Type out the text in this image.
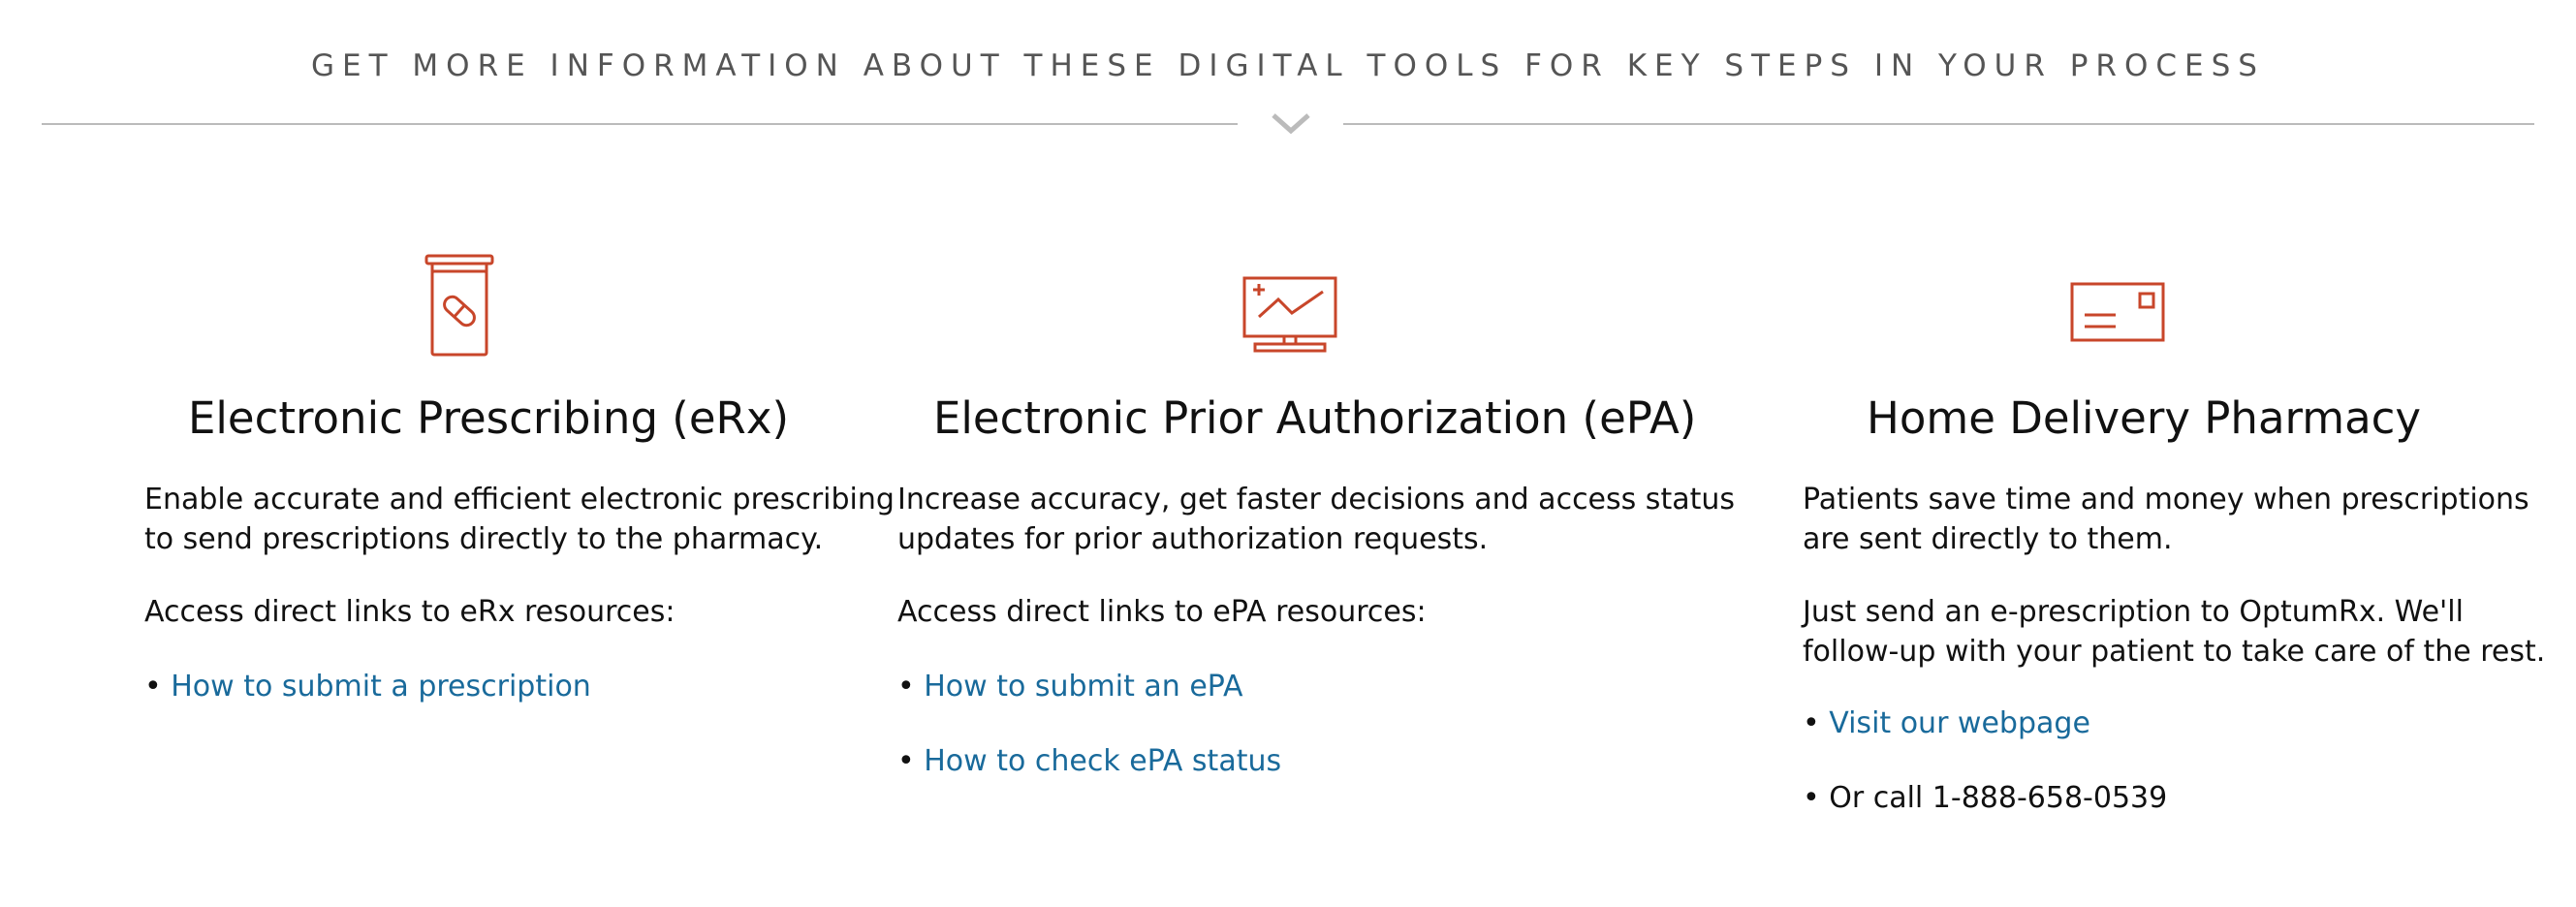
GET MORE INFORMATION ABOUT THESE DIGITAL TOOLS FOR KEY STEPS IN YOUR PROCESS
Electronic Prescribing (eRx)
Enable accurate and efficient electronic prescribing
to send prescriptions directly to the pharmacy.
Access direct links to eRx resources:
• How to submit a prescription
Electronic Prior Authorization (ePA)
Increase accuracy, get faster decisions and access status
updates for prior authorization requests.
Access direct links to ePA resources:
• How to submit an ePA
• How to check ePA status
Home Delivery Pharmacy
Patients save time and money when prescriptions
are sent directly to them.
Just send an e-prescription to OptumRx. We'll
follow-up with your patient to take care of the rest.
• Visit our webpage
• Or call 1-888-658-0539
